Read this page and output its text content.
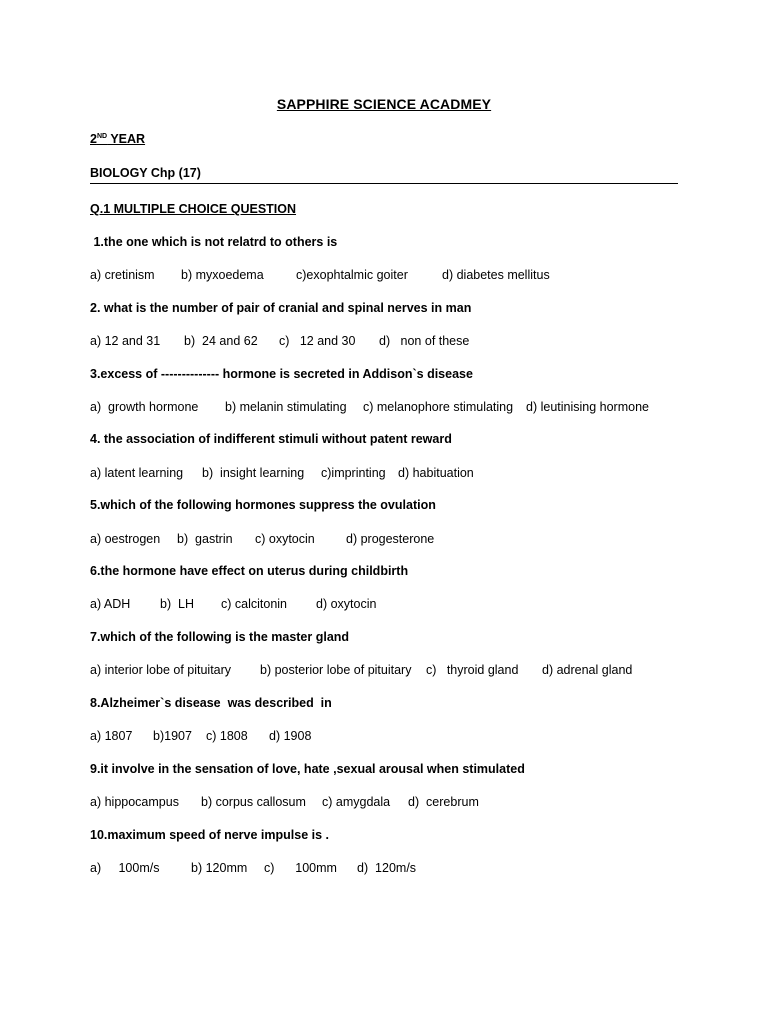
SAPPHIRE SCIENCE ACADMEY
2ND YEAR
BIOLOGY Chp (17)
Q.1 MULTIPLE CHOICE QUESTION
1.the one which is not relatrd to others is
a) cretinism	b) myxoedema	c)exophtalmic goiter	d) diabetes mellitus
2. what is the number of pair of cranial and spinal nerves in man
a) 12 and 31	b)  24 and 62	c)   12 and 30	d)   non of these
3.excess of -------------- hormone is secreted in Addison`s disease
a)  growth hormone	b) melanin stimulating	c) melanophore stimulating	d) leutinising hormone
4. the association of indifferent stimuli without patent reward
a) latent learning	b)  insight learning	c)imprinting d) habituation
5.which of the following hormones suppress the ovulation
a) oestrogen	b)  gastrin	c) oxytocin	d) progesterone
6.the hormone have effect on uterus during childbirth
a) ADH	b)  LH	c) calcitonin	d) oxytocin
7.which of the following is the master gland
a) interior lobe of pituitary	b) posterior lobe of pituitary	c)   thyroid gland	d) adrenal gland
8.Alzheimer`s disease  was described  in
a) 1807	b)1907	c) 1808	d) 1908
9.it involve in the sensation of love, hate ,sexual arousal when stimulated
a) hippocampus	b) corpus callosum	c) amygdala	d)  cerebrum
10.maximum speed of nerve impulse is .
a)     100m/s	b) 120mm	c)      100mm	d)  120m/s
